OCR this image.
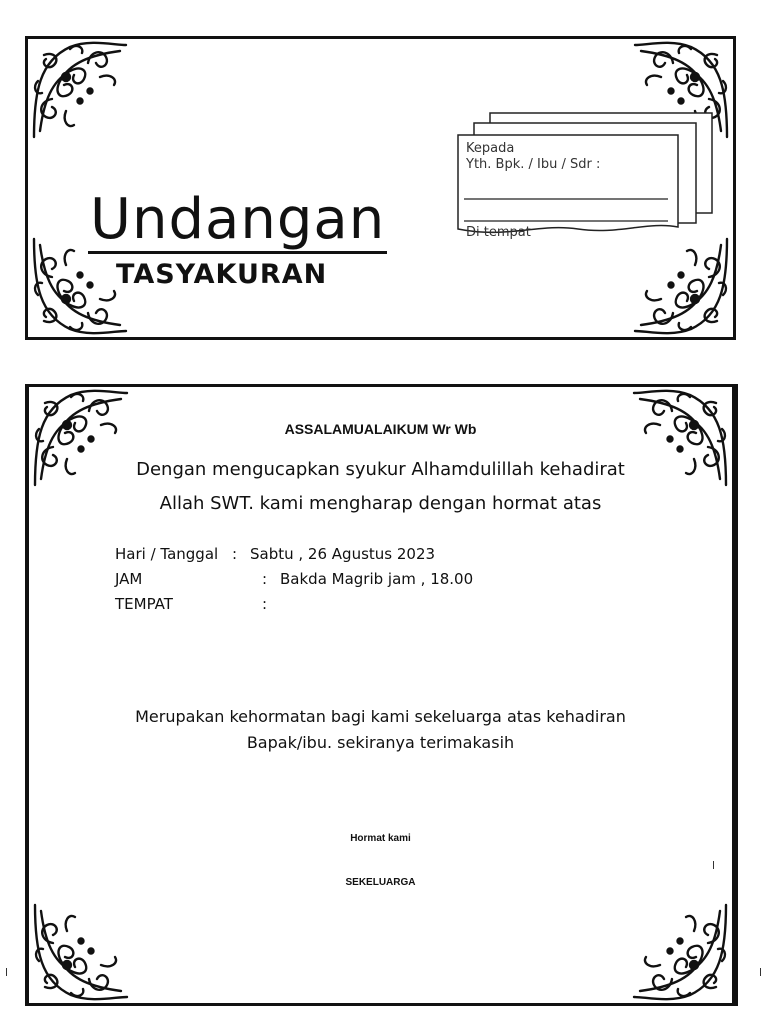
Undangan
TASYAKURAN
Kepada
Yth. Bpk. / Ibu / Sdr :
Di tempat
ASSALAMUALAIKUM Wr Wb
Dengan mengucapkan syukur Alhamdulillah kehadirat
Allah SWT. kami mengharap dengan hormat atas
Hari / Tanggal : Sabtu , 26 Agustus 2023
JAM	: Bakda Magrib jam , 18.00
TEMPAT	:
Merupakan kehormatan bagi kami sekeluarga atas kehadiran
Bapak/ibu. sekiranya terimakasih
Hormat kami
SEKELUARGA
